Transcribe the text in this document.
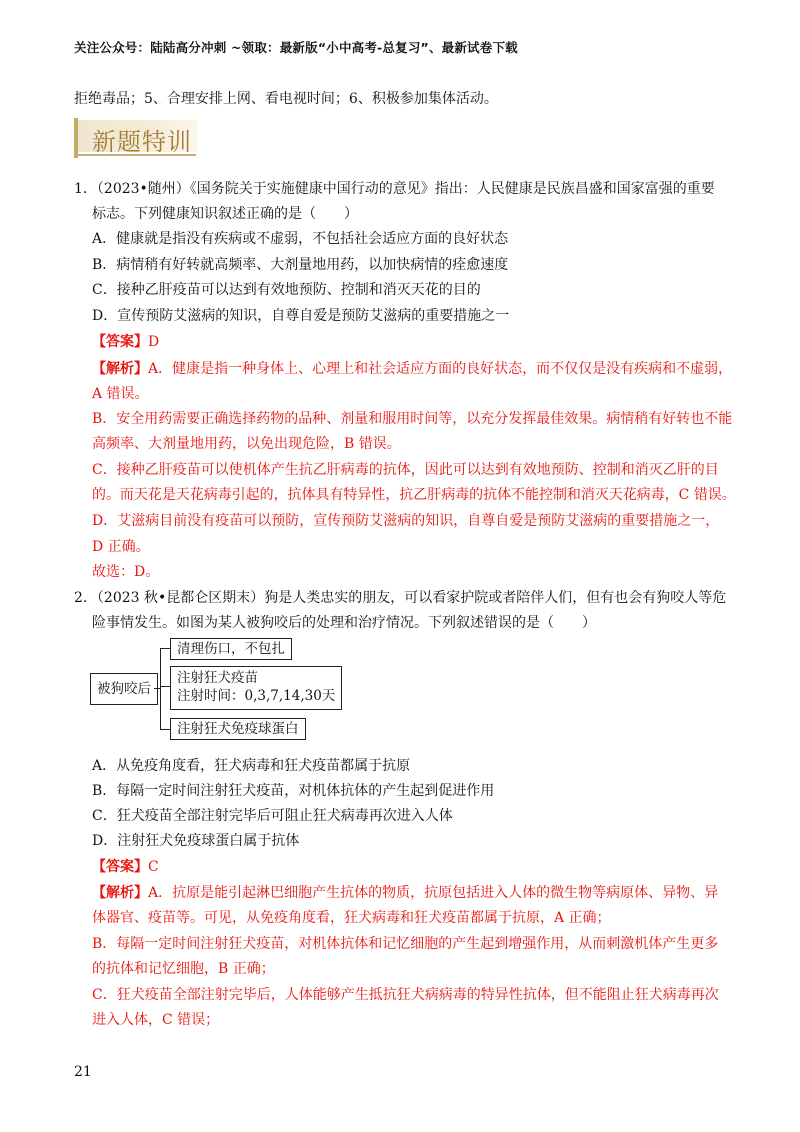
关注公众号：陆陆高分冲刺 ~领取：最新版“小中高考-总复习”、最新试卷下载
拒绝毒品；5、合理安排上网、看电视时间；6、积极参加集体活动。
新题特训
1．（2023•随州）《国务院关于实施健康中国行动的意见》指出：人民健康是民族昌盛和国家富强的重要
标志。下列健康知识叙述正确的是（　　）
A．健康就是指没有疾病或不虚弱，不包括社会适应方面的良好状态
B．病情稍有好转就高频率、大剂量地用药，以加快病情的痊愈速度
C．接种乙肝疫苗可以达到有效地预防、控制和消灭天花的目的
D．宣传预防艾滋病的知识，自尊自爱是预防艾滋病的重要措施之一
【答案】D
【解析】A．健康是指一种身体上、心理上和社会适应方面的良好状态，而不仅仅是没有疾病和不虚弱，
A 错误。
B．安全用药需要正确选择药物的品种、剂量和服用时间等，以充分发挥最佳效果。病情稍有好转也不能
高频率、大剂量地用药，以免出现危险，B 错误。
C．接种乙肝疫苗可以使机体产生抗乙肝病毒的抗体，因此可以达到有效地预防、控制和消灭乙肝的目
的。而天花是天花病毒引起的，抗体具有特异性，抗乙肝病毒的抗体不能控制和消灭天花病毒，C 错误。
D．艾滋病目前没有疫苗可以预防，宣传预防艾滋病的知识，自尊自爱是预防艾滋病的重要措施之一，
D 正确。
故选：D。
2．（2023 秋•昆都仑区期末）狗是人类忠实的朋友，可以看家护院或者陪伴人们，但有也会有狗咬人等危
险事情发生。如图为某人被狗咬后的处理和治疗情况。下列叙述错误的是（　　）
被狗咬后
清理伤口，不包扎
注射狂犬疫苗
注射时间：0,3,7,14,30天
注射狂犬免疫球蛋白
A．从免疫角度看，狂犬病毒和狂犬疫苗都属于抗原
B．每隔一定时间注射狂犬疫苗，对机体抗体的产生起到促进作用
C．狂犬疫苗全部注射完毕后可阻止狂犬病毒再次进入人体
D．注射狂犬免疫球蛋白属于抗体
【答案】C
【解析】A．抗原是能引起淋巴细胞产生抗体的物质，抗原包括进入人体的微生物等病原体、异物、异
体器官、疫苗等。可见，从免疫角度看，狂犬病毒和狂犬疫苗都属于抗原，A 正确；
B．每隔一定时间注射狂犬疫苗，对机体抗体和记忆细胞的产生起到增强作用，从而刺激机体产生更多
的抗体和记忆细胞，B 正确；
C．狂犬疫苗全部注射完毕后，人体能够产生抵抗狂犬病病毒的特异性抗体，但不能阻止狂犬病毒再次
进入人体，C 错误；
21
